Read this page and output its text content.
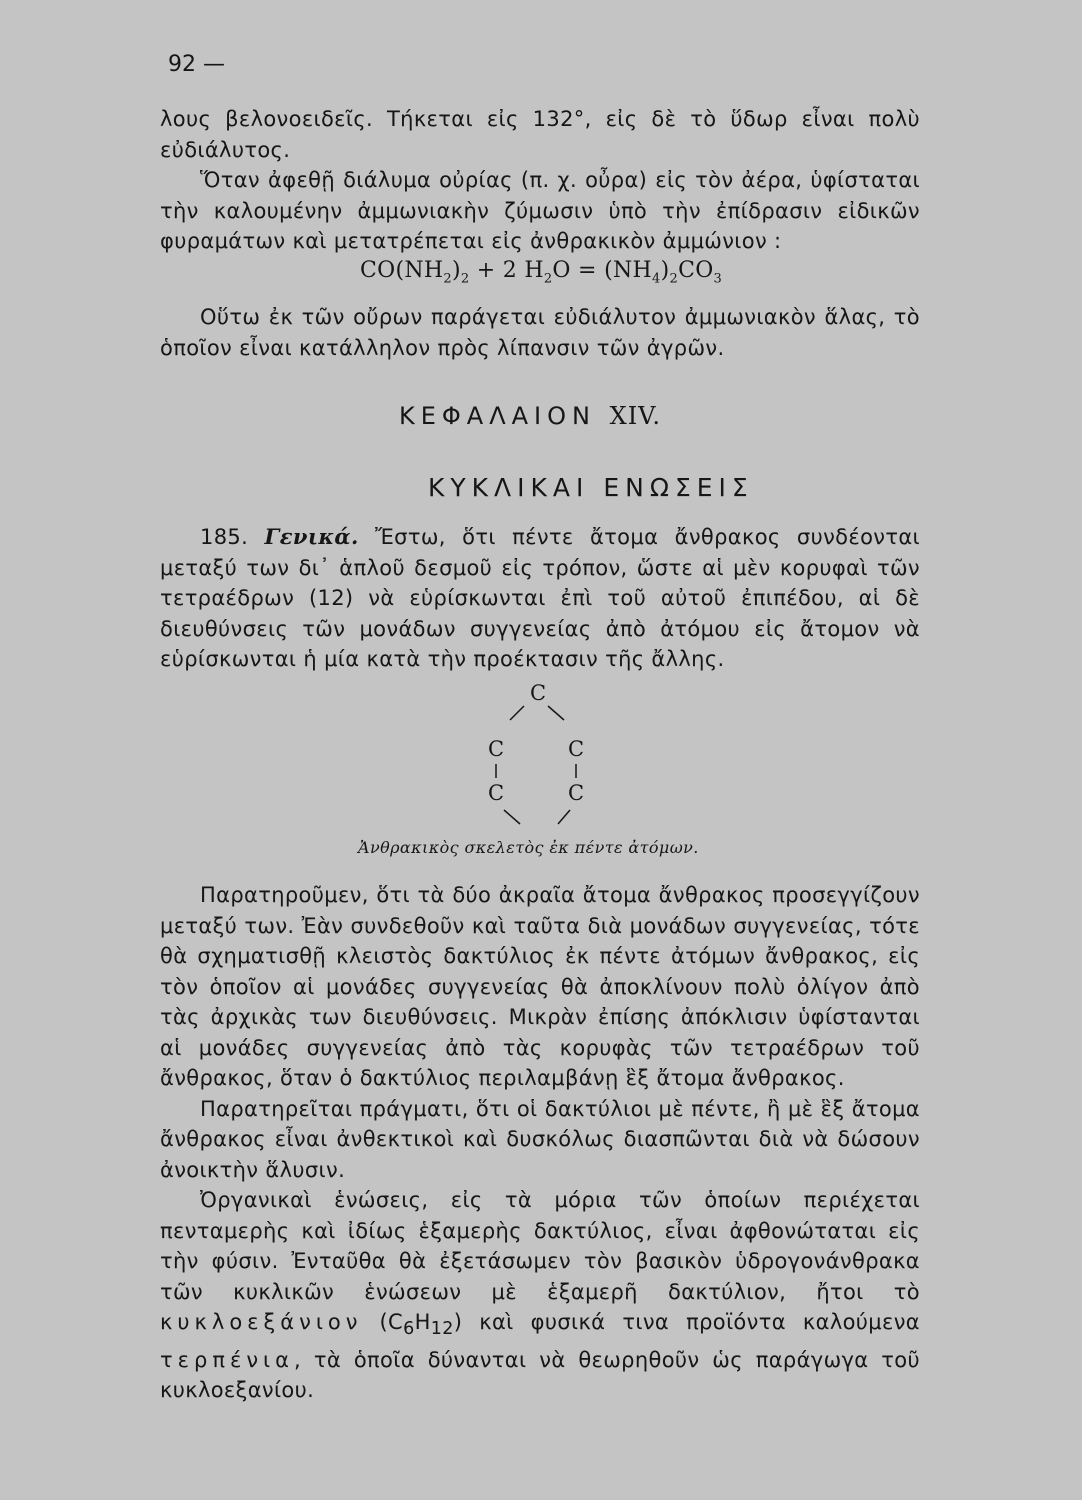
92 —

λους βελονοειδεῖς. Τήκεται εἰς 132°, εἰς δὲ τὸ ὕδωρ εἶναι πολὺ εὐδιάλυτος.

Ὅταν ἀφεθῇ διάλυμα οὐρίας (π. χ. οὖρα) εἰς τὸν ἀέρα, ὑφίσταται τὴν καλουμένην ἀμμωνιακὴν ζύμωσιν ὑπὸ τὴν ἐπίδρασιν εἰδικῶν φυραμάτων καὶ μετατρέπεται εἰς ἀνθρακικὸν ἀμμώνιον :

$CO(NH_2)_2 + 2$ $H_2O = (NH_4)_2CO_3$
Οὕτω ἐκ τῶν οὔρων παράγεται εὐδιάλυτον ἀμμωνιακὸν ἅλας, τὸ ὁποῖον εἶναι κατάλληλον πρὸς λίπανσιν τῶν ἀγρῶν.
ΚΕΦΑΛΑΙΟΝ XIV.
ΚΥΚΛΙΚΑΙ ΕΝΩΣΕΙΣ

185. Γενικά. Ἔστω, ὅτι πέντε ἄτομα ἄνθρακος συνδέονται μεταξύ των δι᾽ ἁπλοῦ δεσμοῦ εἰς τρόπον, ὥστε αἱ μὲν κορυφαὶ τῶν τετραέδρων (12) νὰ εὑρίσκωνται ἐπὶ τοῦ αὐτοῦ ἐπιπέδου, αἱ δὲ διευθύνσεις τῶν μονάδων συγγενείας ἀπὸ ἀτόμου εἰς ἄτομον νὰ εὑρίσκωνται ἡ μία κατὰ τὴν προέκτασιν τῆς ἄλλης.

C
C	C
C	C
Ἀνθρακικὸς σκελετὸς ἐκ πέντε ἀτόμων.

Παρατηροῦμεν, ὅτι τὰ δύο ἀκραῖα ἄτομα ἄνθρακος προσεγγίζουν μεταξύ των. Ἐὰν συνδεθοῦν καὶ ταῦτα διὰ μονάδων συγγενείας, τότε θὰ σχηματισθῇ κλειστὸς δακτύλιος ἐκ πέντε ἀτόμων ἄνθρακος, εἰς τὸν ὁποῖον αἱ μονάδες συγγενείας θὰ ἀποκλίνουν πολὺ ὀλίγον ἀπὸ τὰς ἀρχικὰς των διευθύνσεις. Μικρὰν ἐπίσης ἀπόκλισιν ὑφίστανται αἱ μονάδες συγγενείας ἀπὸ τὰς κορυφὰς τῶν τετραέδρων τοῦ ἄνθρακος, ὅταν ὁ δακτύλιος περιλαμβάνῃ ἓξ ἄτομα ἄνθρακος.

Παρατηρεῖται πράγματι, ὅτι οἱ δακτύλιοι μὲ πέντε, ἢ μὲ ἓξ ἄτομα ἄνθρακος εἶναι ἀνθεκτικοὶ καὶ δυσκόλως διασπῶνται διὰ νὰ δώσουν ἀνοικτὴν ἅλυσιν.

Ὀργανικαὶ ἑνώσεις, εἰς τὰ μόρια τῶν ὁποίων περιέχεται πενταμερὴς καὶ ἰδίως ἑξαμερὴς δακτύλιος, εἶναι ἀφθονώταται εἰς τὴν φύσιν. Ἐνταῦθα θὰ ἐξετάσωμεν τὸν βασικὸν ὑδρογονάνθρακα τῶν κυκλικῶν ἑνώσεων μὲ ἑξαμερῆ δακτύλιον, ἤτοι τὸ κυκλοεξάνιον $(C_6H_{12})$ καὶ φυσικά τινα προϊόντα καλούμενα τερπένια, τὰ ὁποῖα δύνανται νὰ θεωρηθοῦν ὡς παράγωγα τοῦ κυκλοεξανίου.
